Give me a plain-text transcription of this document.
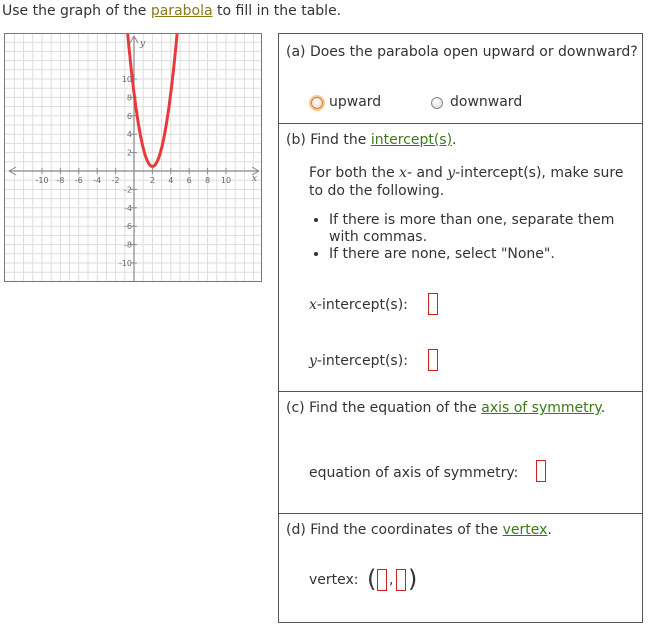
Use the graph of the parabola to fill in the table.
-10 -8 -6 -4 -2	2 4 6 8 10
10
8
6
4
2
-2
-4
-6
-8
-10
x
y	(a) Does the parabola open upward or downward?
upward	downward
(b) Find the intercept(s).
For both the x- and y-intercept(s), make sure
to do the following.
• If there is more than one, separate them
with commas.
• If there are none, select "None".
x-intercept(s):
y-intercept(s):
(c) Find the equation of the axis of symmetry.
equation of axis of symmetry:
(d) Find the coordinates of the vertex.
vertex: ( , )
